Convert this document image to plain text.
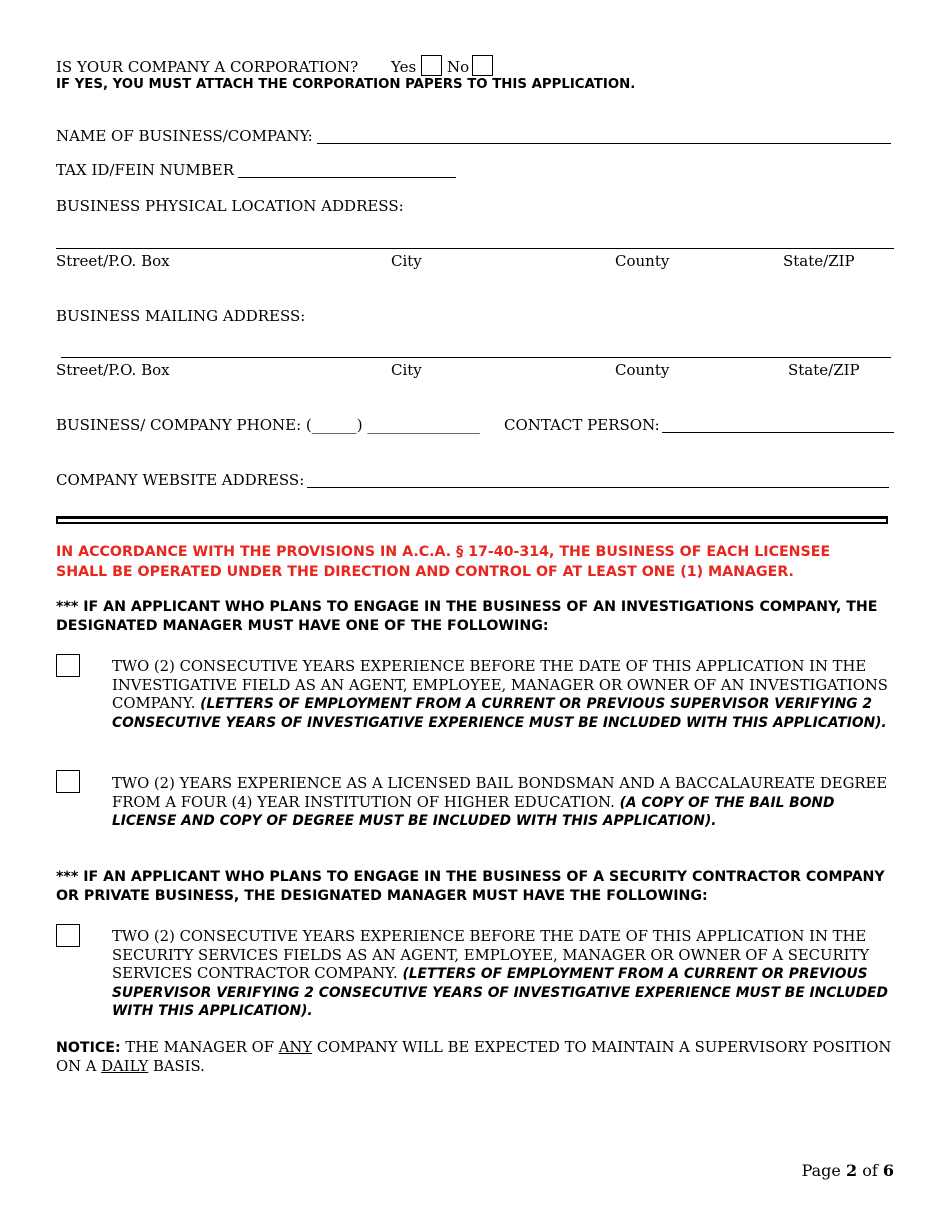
IS YOUR COMPANY A CORPORATION? Yes No
IF YES, YOU MUST ATTACH THE CORPORATION PAPERS TO THIS APPLICATION.
NAME OF BUSINESS/COMPANY:
TAX ID/FEIN NUMBER
BUSINESS PHYSICAL LOCATION ADDRESS:
Street/P.O. Box	City	County	State/ZIP
BUSINESS MAILING ADDRESS:
Street/P.O. Box	City	County	State/ZIP
BUSINESS/ COMPANY PHONE: (______) _______________ CONTACT PERSON:
COMPANY WEBSITE ADDRESS:
IN ACCORDANCE WITH THE PROVISIONS IN A.C.A. § 17-40-314, THE BUSINESS OF EACH LICENSEE SHALL BE OPERATED UNDER THE DIRECTION AND CONTROL OF AT LEAST ONE (1) MANAGER.
*** IF AN APPLICANT WHO PLANS TO ENGAGE IN THE BUSINESS OF AN INVESTIGATIONS COMPANY, THE DESIGNATED MANAGER MUST HAVE ONE OF THE FOLLOWING:
TWO (2) CONSECUTIVE YEARS EXPERIENCE BEFORE THE DATE OF THIS APPLICATION IN THE INVESTIGATIVE FIELD AS AN AGENT, EMPLOYEE, MANAGER OR OWNER OF AN INVESTIGATIONS COMPANY. (LETTERS OF EMPLOYMENT FROM A CURRENT OR PREVIOUS SUPERVISOR VERIFYING 2 CONSECUTIVE YEARS OF INVESTIGATIVE EXPERIENCE MUST BE INCLUDED WITH THIS APPLICATION).
TWO (2) YEARS EXPERIENCE AS A LICENSED BAIL BONDSMAN AND A BACCALAUREATE DEGREE FROM A FOUR (4) YEAR INSTITUTION OF HIGHER EDUCATION. (A COPY OF THE BAIL BOND LICENSE AND COPY OF DEGREE MUST BE INCLUDED WITH THIS APPLICATION).
*** IF AN APPLICANT WHO PLANS TO ENGAGE IN THE BUSINESS OF A SECURITY CONTRACTOR COMPANY OR PRIVATE BUSINESS, THE DESIGNATED MANAGER MUST HAVE THE FOLLOWING:
TWO (2) CONSECUTIVE YEARS EXPERIENCE BEFORE THE DATE OF THIS APPLICATION IN THE SECURITY SERVICES FIELDS AS AN AGENT, EMPLOYEE, MANAGER OR OWNER OF A SECURITY SERVICES CONTRACTOR COMPANY. (LETTERS OF EMPLOYMENT FROM A CURRENT OR PREVIOUS SUPERVISOR VERIFYING 2 CONSECUTIVE YEARS OF INVESTIGATIVE EXPERIENCE MUST BE INCLUDED WITH THIS APPLICATION).
NOTICE: THE MANAGER OF ANY COMPANY WILL BE EXPECTED TO MAINTAIN A SUPERVISORY POSITION ON A DAILY BASIS.
Page 2 of 6
